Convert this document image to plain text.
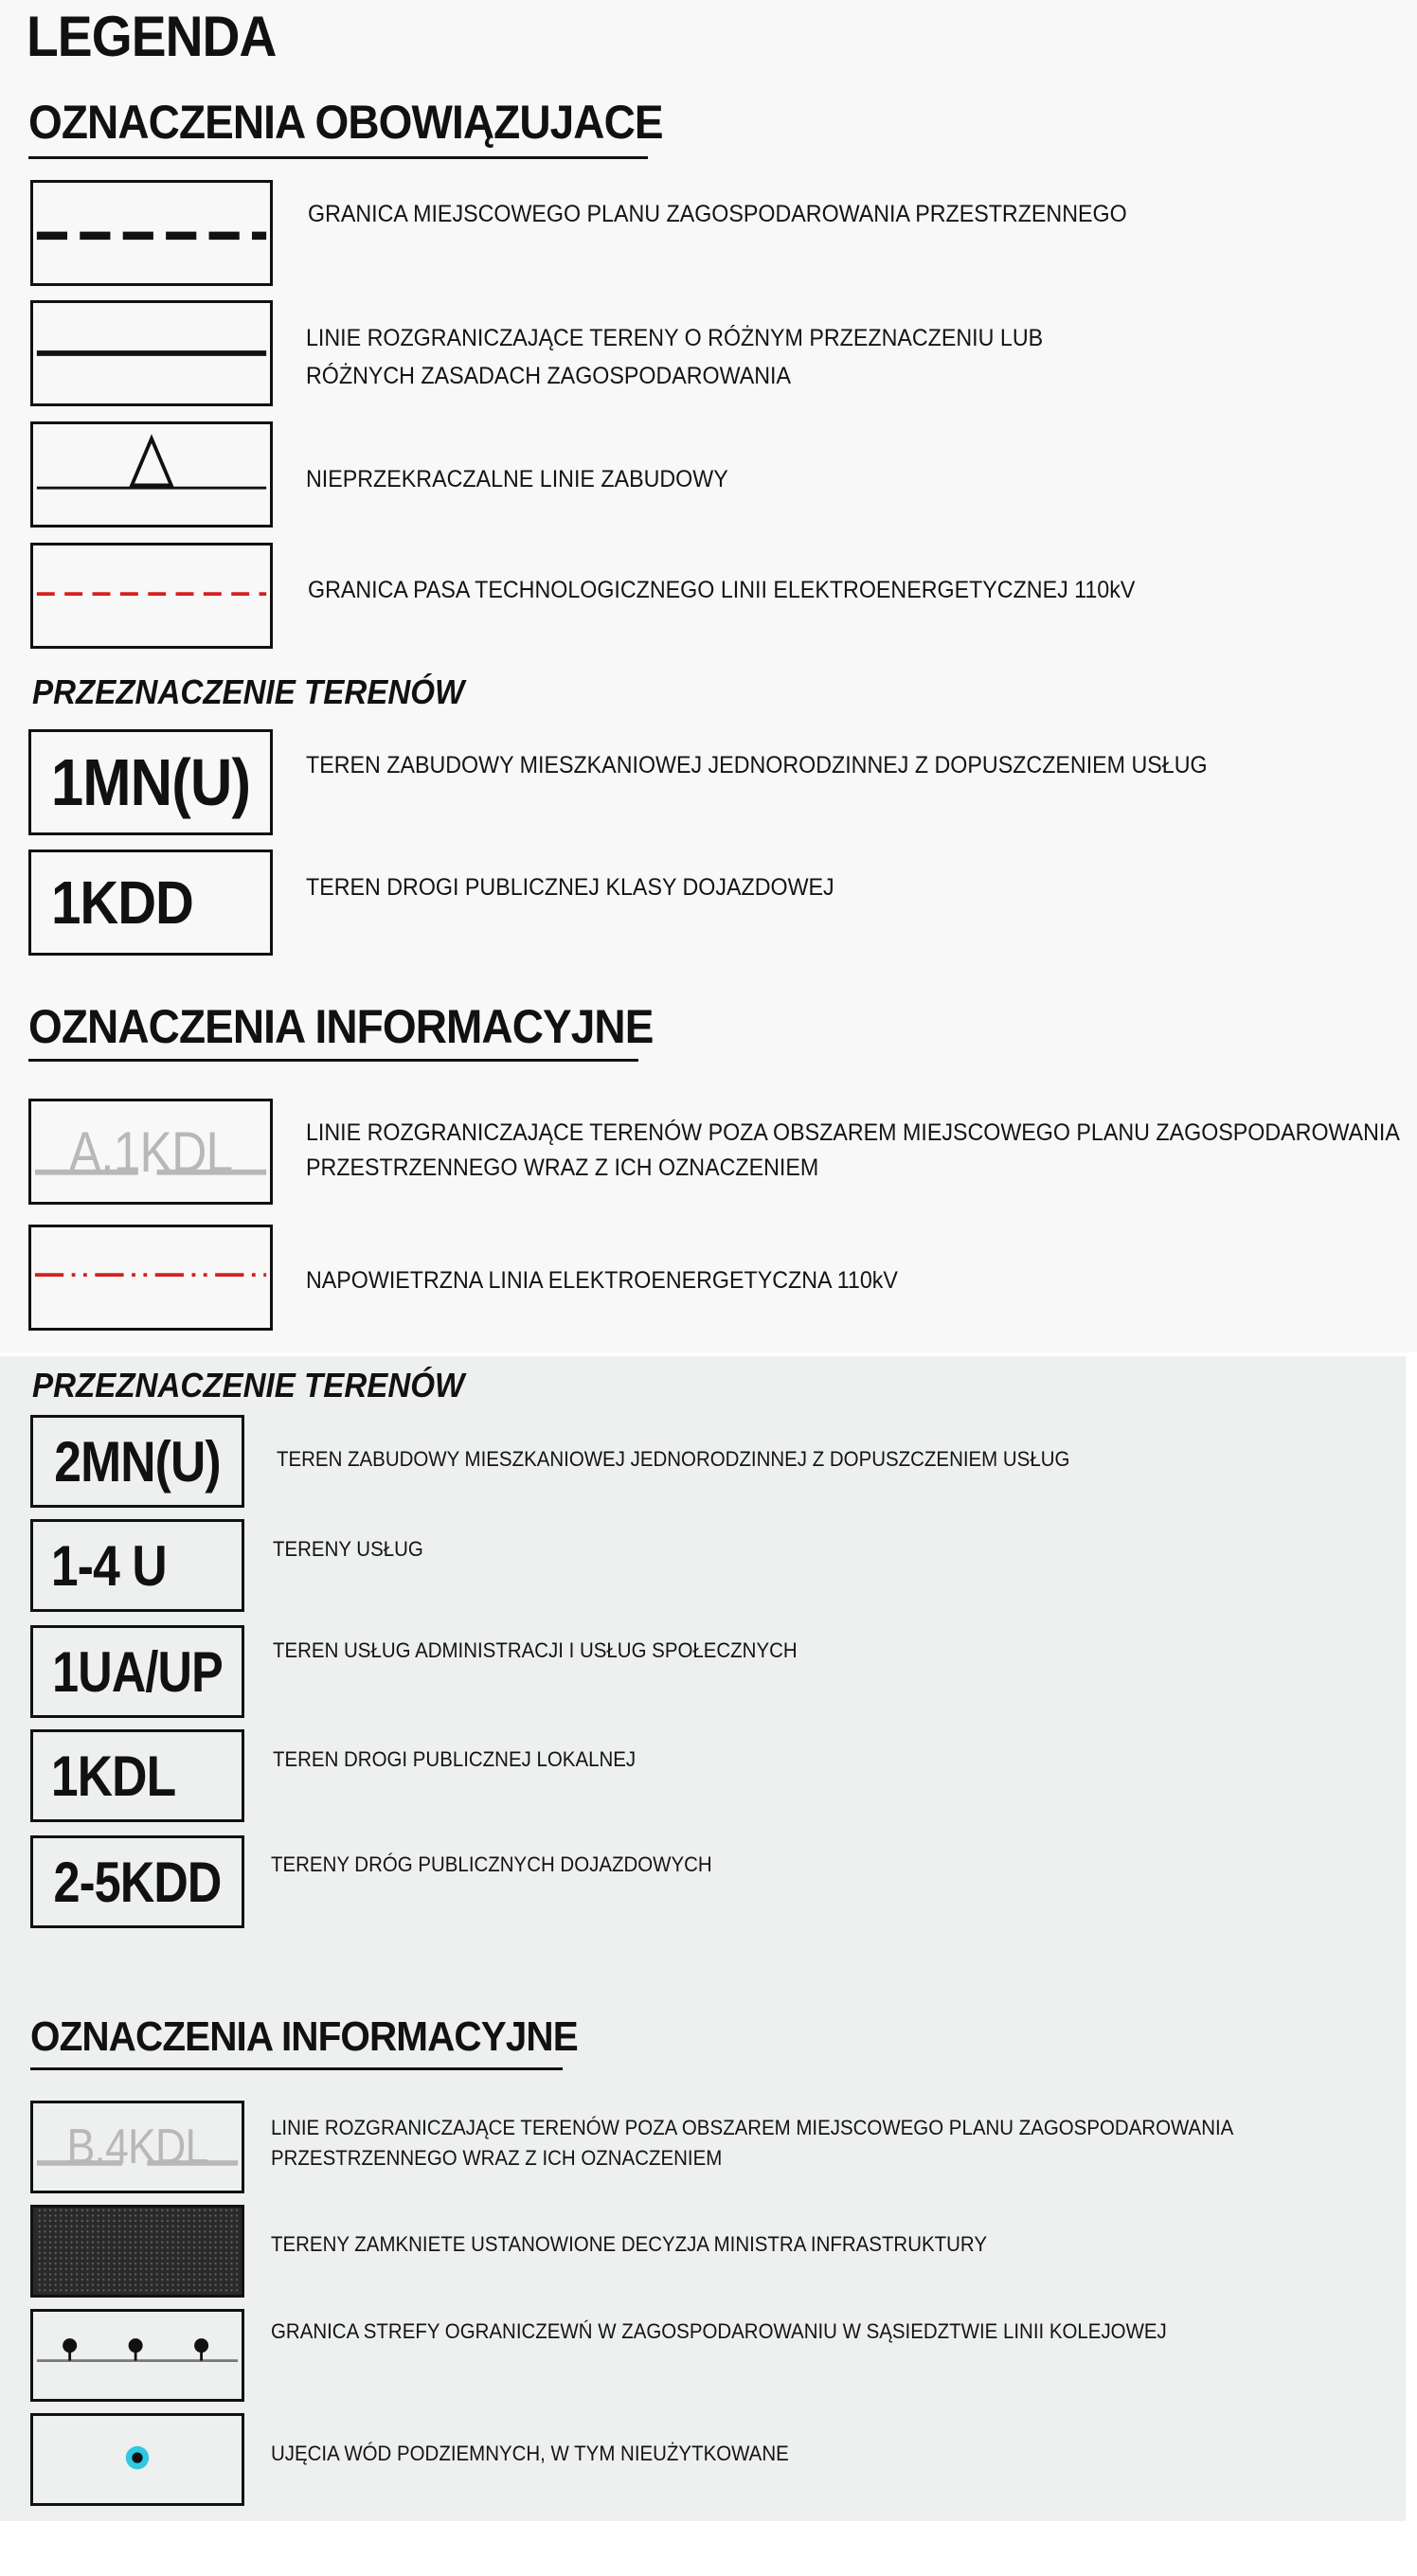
LEGENDA
OZNACZENIA OBOWIĄZUJACE
GRANICA MIEJSCOWEGO PLANU ZAGOSPODAROWANIA PRZESTRZENNEGO
LINIE ROZGRANICZAJĄCE TERENY O RÓŻNYM PRZEZNACZENIU LUB
RÓŻNYCH ZASADACH ZAGOSPODAROWANIA
NIEPRZEKRACZALNE LINIE ZABUDOWY
GRANICA PASA TECHNOLOGICZNEGO LINII ELEKTROENERGETYCZNEJ 110kV
PRZEZNACZENIE TERENÓW
1MN(U) TEREN ZABUDOWY MIESZKANIOWEJ JEDNORODZINNEJ Z DOPUSZCZENIEM USŁUG
1KDD	TEREN DROGI PUBLICZNEJ KLASY DOJAZDOWEJ
OZNACZENIA INFORMACYJNE
A.1KDL	LINIE ROZGRANICZAJĄCE TERENÓW POZA OBSZAREM MIEJSCOWEGO PLANU ZAGOSPODAROWANIA
PRZESTRZENNEGO WRAZ Z ICH OZNACZENIEM
NAPOWIETRZNA LINIA ELEKTROENERGETYCZNA 110kV
PRZEZNACZENIE TERENÓW
2MN(U)	TEREN ZABUDOWY MIESZKANIOWEJ JEDNORODZINNEJ Z DOPUSZCZENIEM USŁUG
1-4 U	TERENY USŁUG
1UA/UP TEREN USŁUG ADMINISTRACJI I USŁUG SPOŁECZNYCH
1KDL	TEREN DROGI PUBLICZNEJ LOKALNEJ
2-5KDD TERENY DRÓG PUBLICZNYCH DOJAZDOWYCH
OZNACZENIA INFORMACYJNE
B.4KDL	LINIE ROZGRANICZAJĄCE TERENÓW POZA OBSZAREM MIEJSCOWEGO PLANU ZAGOSPODAROWANIA
PRZESTRZENNEGO WRAZ Z ICH OZNACZENIEM
TERENY ZAMKNIETE USTANOWIONE DECYZJA MINISTRA INFRASTRUKTURY
GRANICA STREFY OGRANICZEWŃ W ZAGOSPODAROWANIU W SĄSIEDZTWIE LINII KOLEJOWEJ
UJĘCIA WÓD PODZIEMNYCH, W TYM NIEUŻYTKOWANE
